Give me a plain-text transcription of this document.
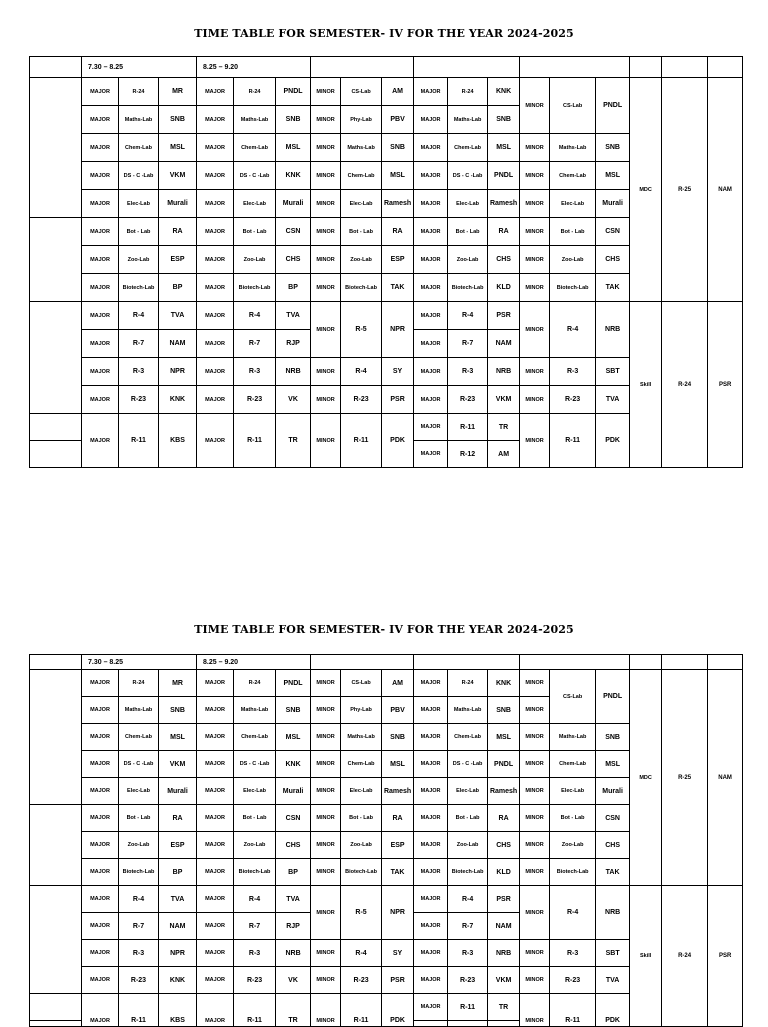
TIME TABLE FOR SEMESTER- IV FOR THE YEAR 2024-2025
	7.30 – 8.25			8.25 – 9.20														
	MAJOR	R-24	MR	MAJOR	R-24	PNDL	MINOR	CS-Lab	AM	MAJOR	R-24	KNK	MINOR	CS-Lab	PNDL	MDC	R-25	NAM
	MAJOR	Maths-Lab	SNB	MAJOR	Maths-Lab	SNB	MINOR	Phy-Lab	PBV	MAJOR	Maths-Lab	SNB						
	MAJOR	Chem-Lab	MSL	MAJOR	Chem-Lab	MSL	MINOR	Maths-Lab	SNB	MAJOR	Chem-Lab	MSL	MINOR	Maths-Lab	SNB			
	MAJOR	DS - C -Lab	VKM	MAJOR	DS - C -Lab	KNK	MINOR	Chem-Lab	MSL	MAJOR	DS - C -Lab	PNDL	MINOR	Chem-Lab	MSL			
	MAJOR	Elec-Lab	Murali	MAJOR	Elec-Lab	Murali	MINOR	Elec-Lab	Ramesh	MAJOR	Elec-Lab	Ramesh	MINOR	Elec-Lab	Murali			
	MAJOR	Bot - Lab	RA	MAJOR	Bot - Lab	CSN	MINOR	Bot - Lab	RA	MAJOR	Bot - Lab	RA	MINOR	Bot - Lab	CSN			
	MAJOR	Zoo-Lab	ESP	MAJOR	Zoo-Lab	CHS	MINOR	Zoo-Lab	ESP	MAJOR	Zoo-Lab	CHS	MINOR	Zoo-Lab	CHS			
	MAJOR	Biotech-Lab	BP	MAJOR	Biotech-Lab	BP	MINOR	Biotech-Lab	TAK	MAJOR	Biotech-Lab	KLD	MINOR	Biotech-Lab	TAK			
	MAJOR	R-4	TVA	MAJOR	R-4	TVA	MINOR	R-5	NPR	MAJOR	R-4	PSR	MINOR	R-4	NRB	Skill	R-24	PSR
	MAJOR	R-7	NAM	MAJOR	R-7	RJP				MAJOR	R-7	NAM						
	MAJOR	R-3	NPR	MAJOR	R-3	NRB	MINOR	R-4	SY	MAJOR	R-3	NRB	MINOR	R-3	SBT			
	MAJOR	R-23	KNK	MAJOR	R-23	VK	MINOR	R-23	PSR	MAJOR	R-23	VKM	MINOR	R-23	TVA			
	MAJOR	R-11	KBS	MAJOR	R-11	TR	MINOR	R-11	PDK	MAJOR	R-11	TR	MINOR	R-11	PDK			
										MAJOR	R-12	AM						
TIME TABLE FOR SEMESTER- IV FOR THE YEAR 2024-2025
	7.30 – 8.25			8.25 – 9.20														
	MAJOR	R-24	MR	MAJOR	R-24	PNDL	MINOR	CS-Lab	AM	MAJOR	R-24	KNK	MINOR	CS-Lab	PNDL	MDC	R-25	NAM
	MAJOR	Maths-Lab	SNB	MAJOR	Maths-Lab	SNB	MINOR	Phy-Lab	PBV	MAJOR	Maths-Lab	SNB	MINOR					
	MAJOR	Chem-Lab	MSL	MAJOR	Chem-Lab	MSL	MINOR	Maths-Lab	SNB	MAJOR	Chem-Lab	MSL	MINOR	Maths-Lab	SNB			
	MAJOR	DS - C -Lab	VKM	MAJOR	DS - C -Lab	KNK	MINOR	Chem-Lab	MSL	MAJOR	DS - C -Lab	PNDL	MINOR	Chem-Lab	MSL			
	MAJOR	Elec-Lab	Murali	MAJOR	Elec-Lab	Murali	MINOR	Elec-Lab	Ramesh	MAJOR	Elec-Lab	Ramesh	MINOR	Elec-Lab	Murali			
	MAJOR	Bot - Lab	RA	MAJOR	Bot - Lab	CSN	MINOR	Bot - Lab	RA	MAJOR	Bot - Lab	RA	MINOR	Bot - Lab	CSN			
	MAJOR	Zoo-Lab	ESP	MAJOR	Zoo-Lab	CHS	MINOR	Zoo-Lab	ESP	MAJOR	Zoo-Lab	CHS	MINOR	Zoo-Lab	CHS			
	MAJOR	Biotech-Lab	BP	MAJOR	Biotech-Lab	BP	MINOR	Biotech-Lab	TAK	MAJOR	Biotech-Lab	KLD	MINOR	Biotech-Lab	TAK			
	MAJOR	R-4	TVA	MAJOR	R-4	TVA	MINOR	R-5	NPR	MAJOR	R-4	PSR	MINOR	R-4	NRB	Skill	R-24	PSR
	MAJOR	R-7	NAM	MAJOR	R-7	RJP				MAJOR	R-7	NAM						
	MAJOR	R-3	NPR	MAJOR	R-3	NRB	MINOR	R-4	SY	MAJOR	R-3	NRB	MINOR	R-3	SBT			
	MAJOR	R-23	KNK	MAJOR	R-23	VK	MINOR	R-23	PSR	MAJOR	R-23	VKM	MINOR	R-23	TVA			
	MAJOR	R-11	KBS	MAJOR	R-11	TR	MINOR	R-11	PDK	MAJOR	R-11	TR	MINOR	R-11	PDK			
